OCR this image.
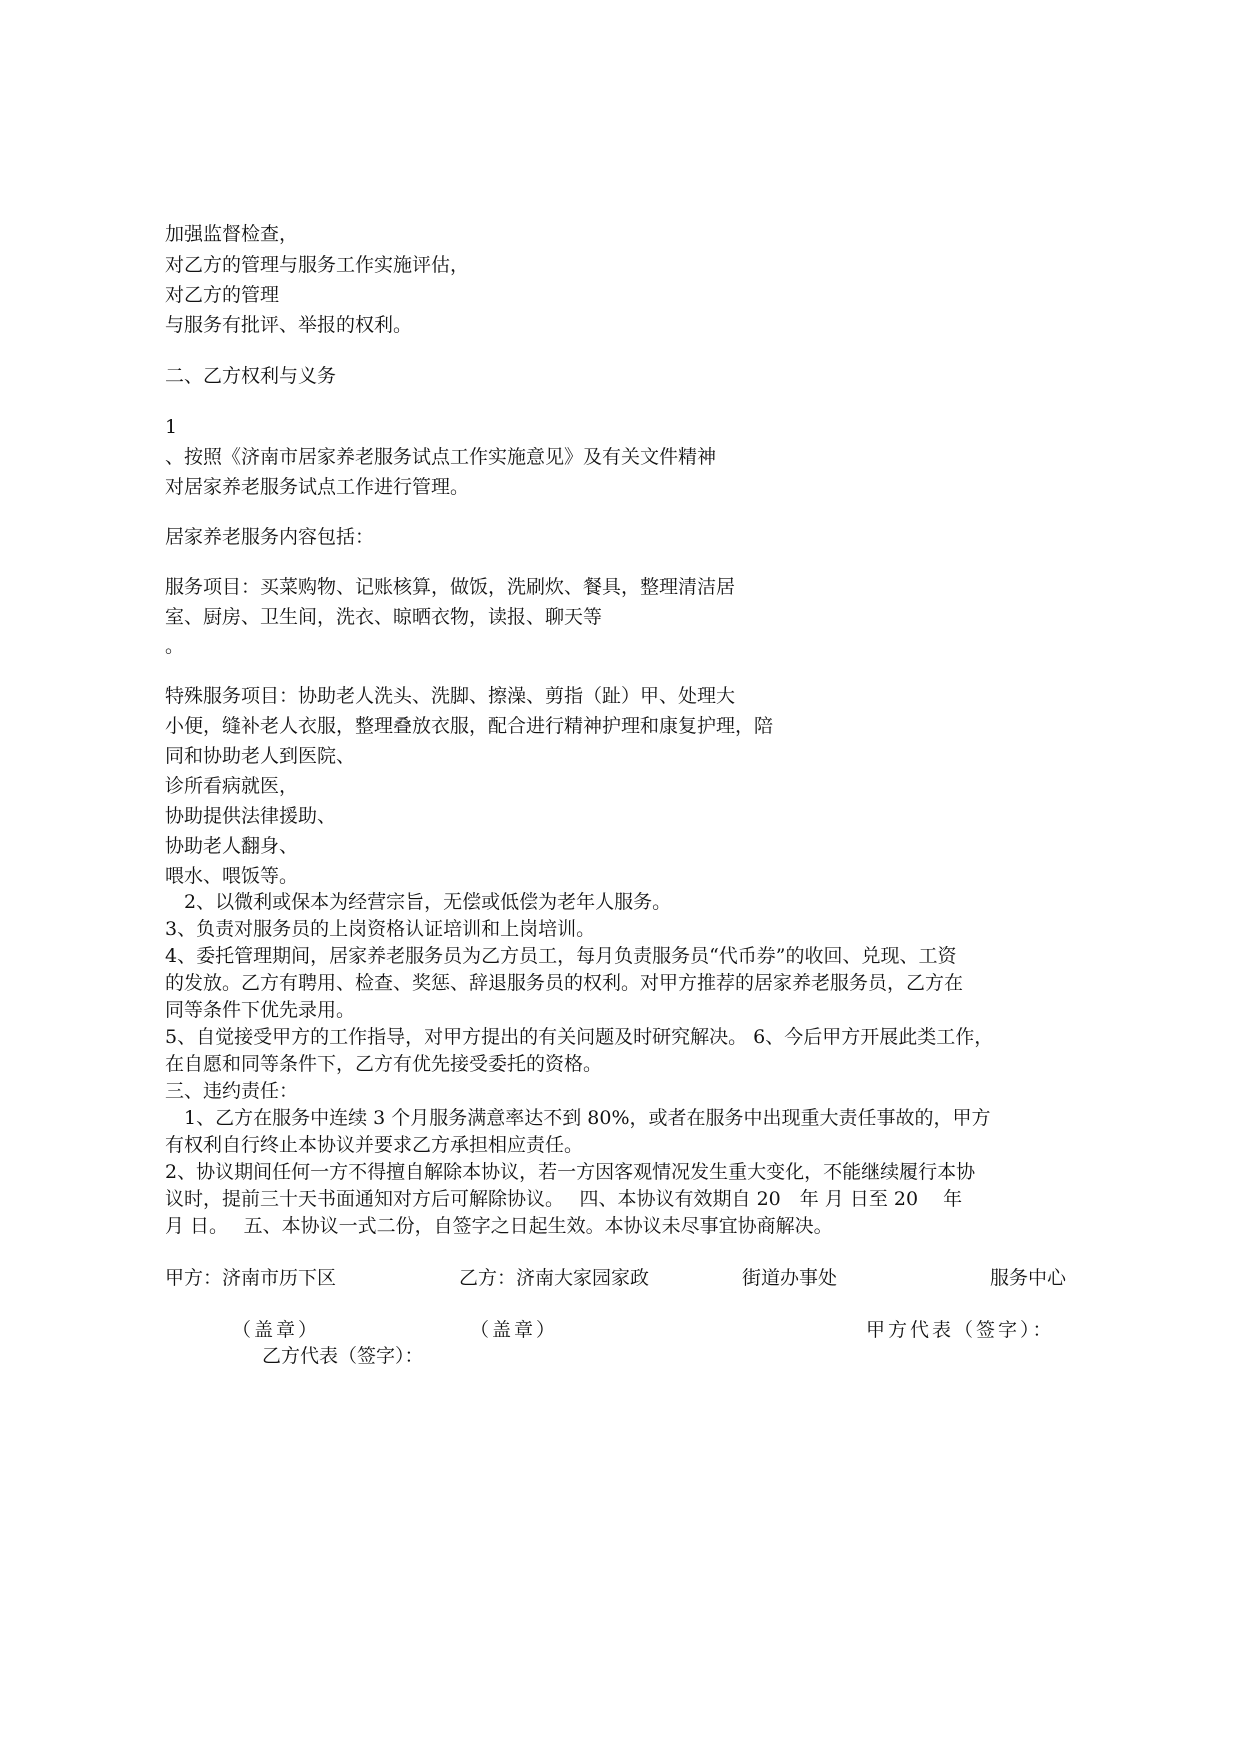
加强监督检查，
对乙方的管理与服务工作实施评估，
对乙方的管理
与服务有批评、举报的权利。
二、乙方权利与义务
1
、按照《济南市居家养老服务试点工作实施意见》及有关文件精神
对居家养老服务试点工作进行管理。
居家养老服务内容包括：
服务项目：买菜购物、记账核算，做饭，洗刷炊、餐具，整理清洁居
室、厨房、卫生间，洗衣、晾晒衣物，读报、聊天等
。
特殊服务项目：协助老人洗头、洗脚、擦澡、剪指（趾）甲、处理大
小便，缝补老人衣服，整理叠放衣服，配合进行精神护理和康复护理，陪
同和协助老人到医院、
诊所看病就医，
协助提供法律援助、
协助老人翻身、
喂水、喂饭等。
　2、以微利或保本为经营宗旨，无偿或低偿为老年人服务。
3、负责对服务员的上岗资格认证培训和上岗培训。
4、委托管理期间，居家养老服务员为乙方员工，每月负责服务员“代币券”的收回、兑现、工资
的发放。乙方有聘用、检查、奖惩、辞退服务员的权利。对甲方推荐的居家养老服务员，乙方在
同等条件下优先录用。
5、自觉接受甲方的工作指导，对甲方提出的有关问题及时研究解决。 6、今后甲方开展此类工作，
在自愿和同等条件下，乙方有优先接受委托的资格。
三、违约责任：
　1、乙方在服务中连续 3 个月服务满意率达不到 80%，或者在服务中出现重大责任事故的，甲方
有权利自行终止本协议并要求乙方承担相应责任。
2、协议期间任何一方不得擅自解除本协议，若一方因客观情况发生重大变化，不能继续履行本协
议时，提前三十天书面通知对方后可解除协议。　 四、本协议有效期自 20　年 月 日至 20　 年
月 日。　 五、本协议一式二份，自签字之日起生效。本协议未尽事宜协商解决。
甲方：济南市历下区	乙方：济南大家园家政	街道办事处	服务中心
（盖章）	（盖章）	甲方代表（签字）：
乙方代表（签字）：
